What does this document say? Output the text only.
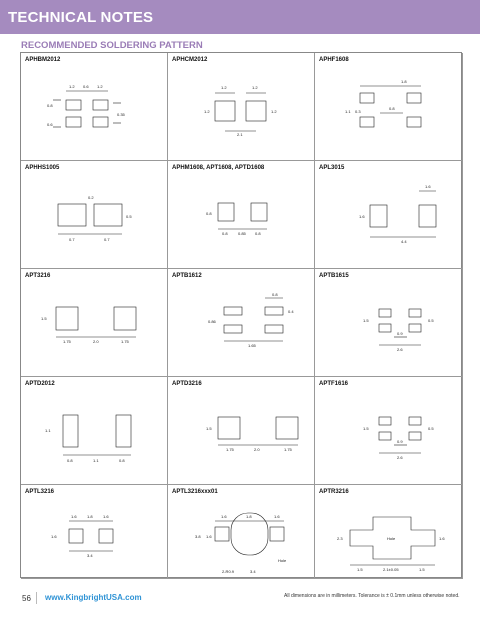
TECHNICAL NOTES
RECOMMENDED SOLDERING PATTERN
APHBM2012
1.2 0.6 1.2
0.8
0.6
0.35
APHCM2012
1.2	1.2
1.2	1.2
2.1
APHF1608
1.8
1.1 0.3
0.8
APHHS1005
0.2
0.5
0.7	0.7
APHM1608, APT1608, APTD1608
0.8
0.8	0.85 0.8
APL3015
1.6
1.6
4.4
APT3216
1.5
1.75	2.0	1.75
APTB1612
0.8
0.4
0.86
1.65
APTB1615
1.5	0.5
0.9
2.6
APTD2012
1.1
0.8	1.1	0.8
APTD3216
1.5
1.75	2.0	1.75
APTF1616
1.5	0.5
0.9
2.6
APTL3216
1.6	1.8	1.6
1.6
3.4
APTL3216xxx01
1.6	1.8	1.6
3.8 1.6
2-R0.9	3.4
Hole
APTR3216
2.3	Hole	1.6
1.5	2.1±0.05	1.5
56 www.KingbrightUSA.com	All dimensions are in millimeters. Tolerance is ± 0.1mm unless otherwise noted.
